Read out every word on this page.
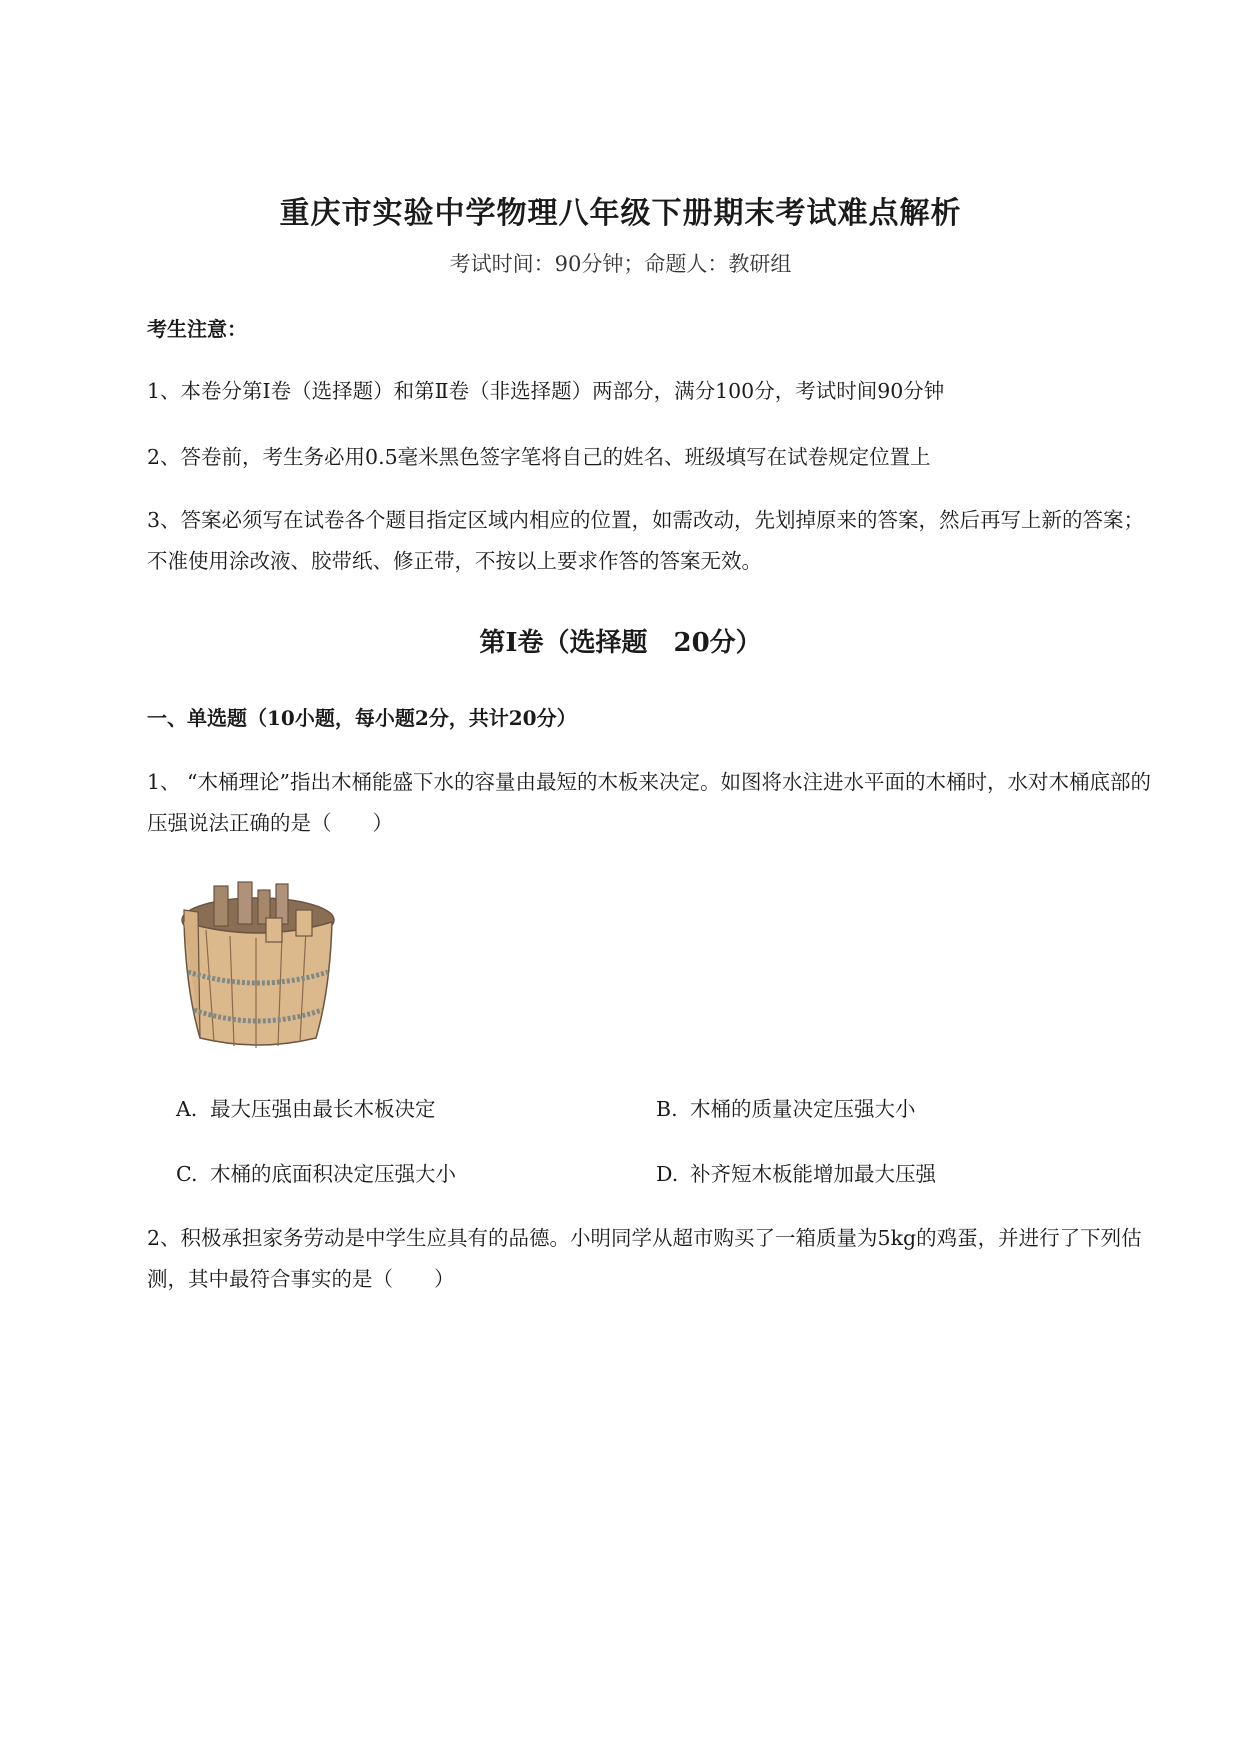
重庆市实验中学物理八年级下册期末考试难点解析
考试时间：90分钟；命题人：教研组
考生注意：
1、本卷分第Ⅰ卷（选择题）和第Ⅱ卷（非选择题）两部分，满分100分，考试时间90分钟
2、答卷前，考生务必用0.5毫米黑色签字笔将自己的姓名、班级填写在试卷规定位置上
3、答案必须写在试卷各个题目指定区域内相应的位置，如需改动，先划掉原来的答案，然后再写上新的答案；不准使用涂改液、胶带纸、修正带，不按以上要求作答的答案无效。
第Ⅰ卷（选择题　20分）
一、单选题（10小题，每小题2分，共计20分）
1、 “木桶理论”指出木桶能盛下水的容量由最短的木板来决定。如图将水注进水平面的木桶时，水对木桶底部的压强说法正确的是（　　）
A. 最大压强由最长木板决定	B. 木桶的质量决定压强大小
C. 木桶的底面积决定压强大小	D. 补齐短木板能增加最大压强
2、积极承担家务劳动是中学生应具有的品德。小明同学从超市购买了一箱质量为5kg的鸡蛋，并进行了下列估测，其中最符合事实的是（　　）
